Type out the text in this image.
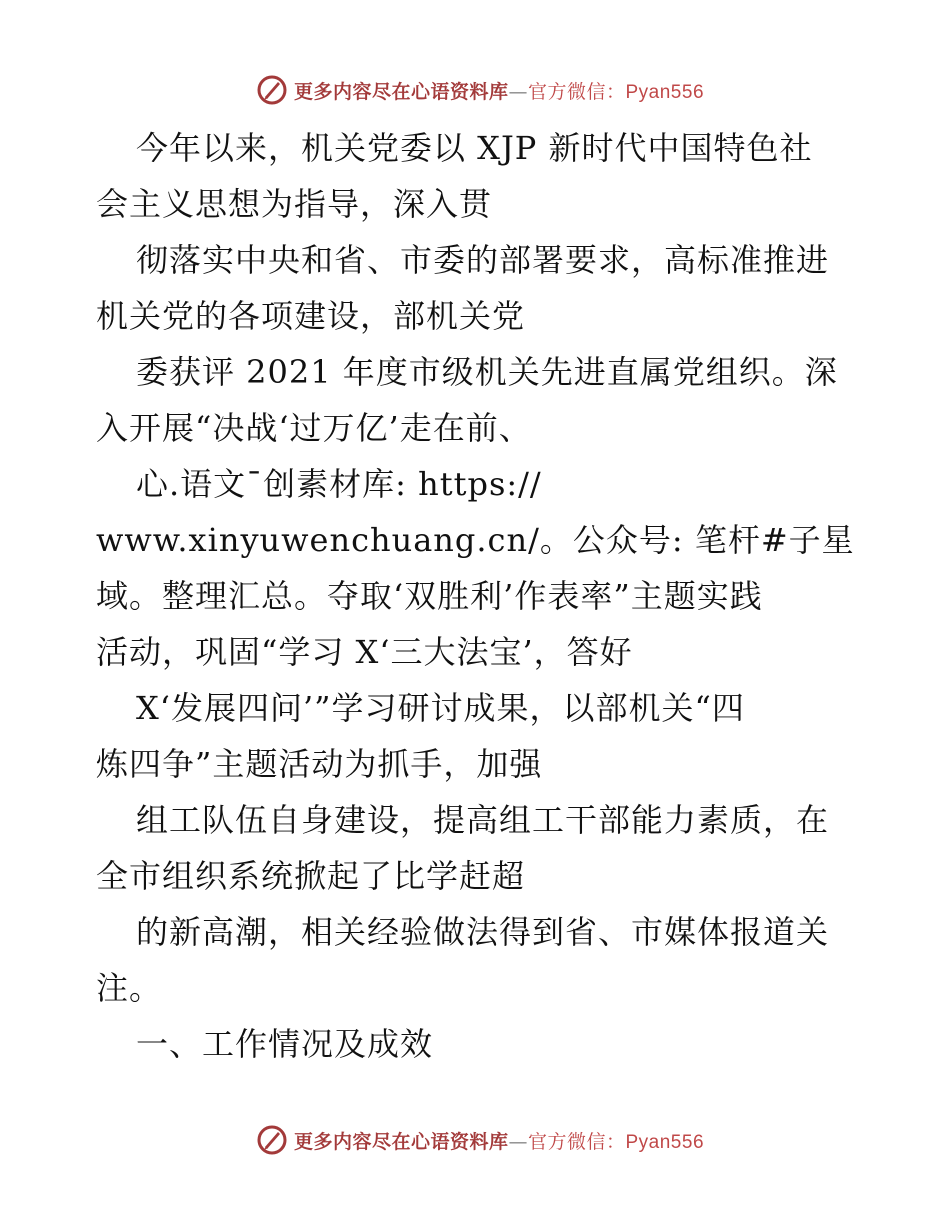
更多内容尽在心语资料库—官方微信：Pyan556
今年以来，机关党委以 XJP 新时代中国特色社
会主义思想为指导，深入贯
彻落实中央和省、市委的部署要求，高标准推进
机关党的各项建设，部机关党
委获评 2021 年度市级机关先进直属党组织。深
入开展“决战‘过万亿’走在前、
心.语文¯创素材库: https://
www.xinyuwenchuang.cn/。公众号: 笔杆#子星
域。整理汇总。夺取‘双胜利’作表率”主题实践
活动，巩固“学习 X‘三大法宝’，答好
X‘发展四问’”学习研讨成果，以部机关“四
炼四争”主题活动为抓手，加强
组工队伍自身建设，提高组工干部能力素质，在
全市组织系统掀起了比学赶超
的新高潮，相关经验做法得到省、市媒体报道关
注。
一、工作情况及成效
更多内容尽在心语资料库—官方微信：Pyan556
